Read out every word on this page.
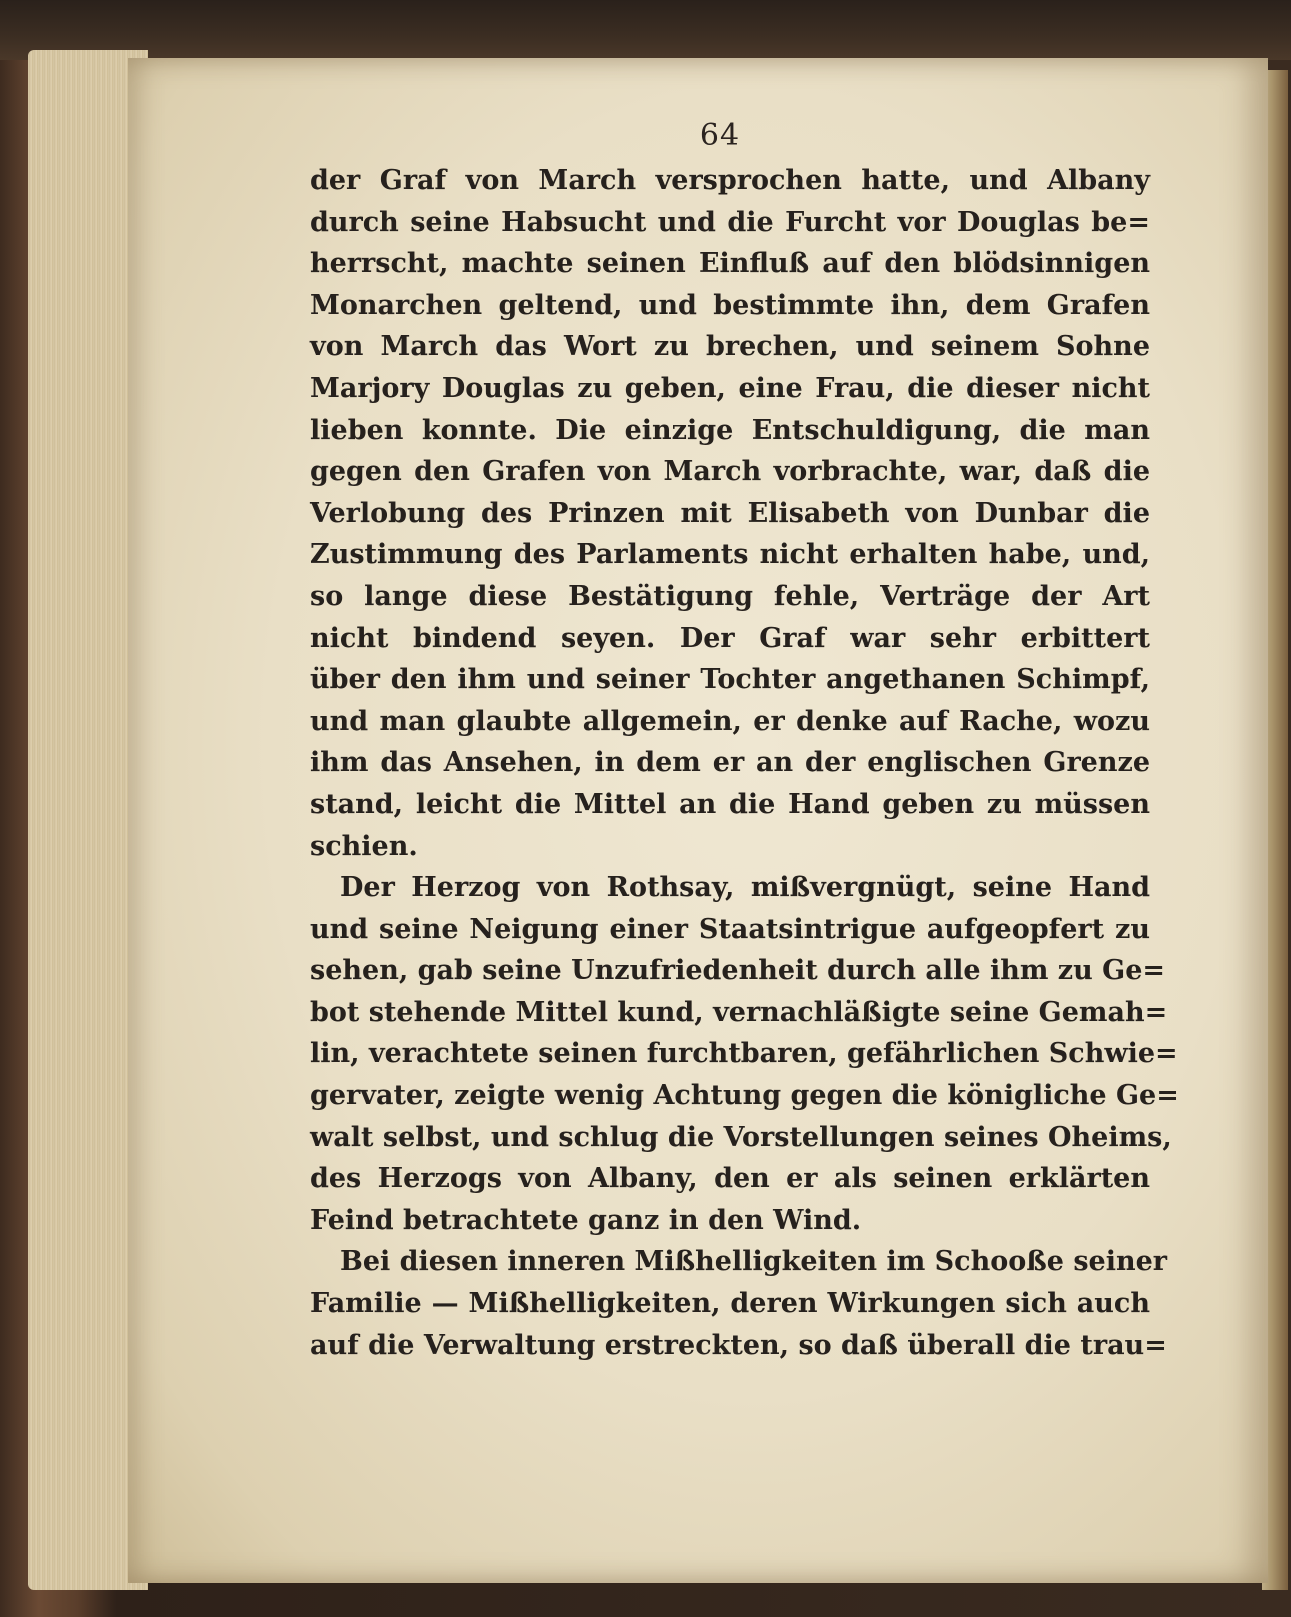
64
der Graf von March versprochen hatte, und Albany
durch seine Habsucht und die Furcht vor Douglas be=
herrscht, machte seinen Einfluß auf den blödsinnigen
Monarchen geltend, und bestimmte ihn, dem Grafen
von March das Wort zu brechen, und seinem Sohne
Marjory Douglas zu geben, eine Frau, die dieser nicht
lieben konnte. Die einzige Entschuldigung, die man
gegen den Grafen von March vorbrachte, war, daß die
Verlobung des Prinzen mit Elisabeth von Dunbar die
Zustimmung des Parlaments nicht erhalten habe, und,
so lange diese Bestätigung fehle, Verträge der Art
nicht bindend seyen. Der Graf war sehr erbittert
über den ihm und seiner Tochter angethanen Schimpf,
und man glaubte allgemein, er denke auf Rache, wozu
ihm das Ansehen, in dem er an der englischen Grenze
stand, leicht die Mittel an die Hand geben zu müssen
schien.
Der Herzog von Rothsay, mißvergnügt, seine Hand
und seine Neigung einer Staatsintrigue aufgeopfert zu
sehen, gab seine Unzufriedenheit durch alle ihm zu Ge=
bot stehende Mittel kund, vernachläßigte seine Gemah=
lin, verachtete seinen furchtbaren, gefährlichen Schwie=
gervater, zeigte wenig Achtung gegen die königliche Ge=
walt selbst, und schlug die Vorstellungen seines Oheims,
des Herzogs von Albany, den er als seinen erklärten
Feind betrachtete ganz in den Wind.
Bei diesen inneren Mißhelligkeiten im Schooße seiner
Familie — Mißhelligkeiten, deren Wirkungen sich auch
auf die Verwaltung erstreckten, so daß überall die trau=
